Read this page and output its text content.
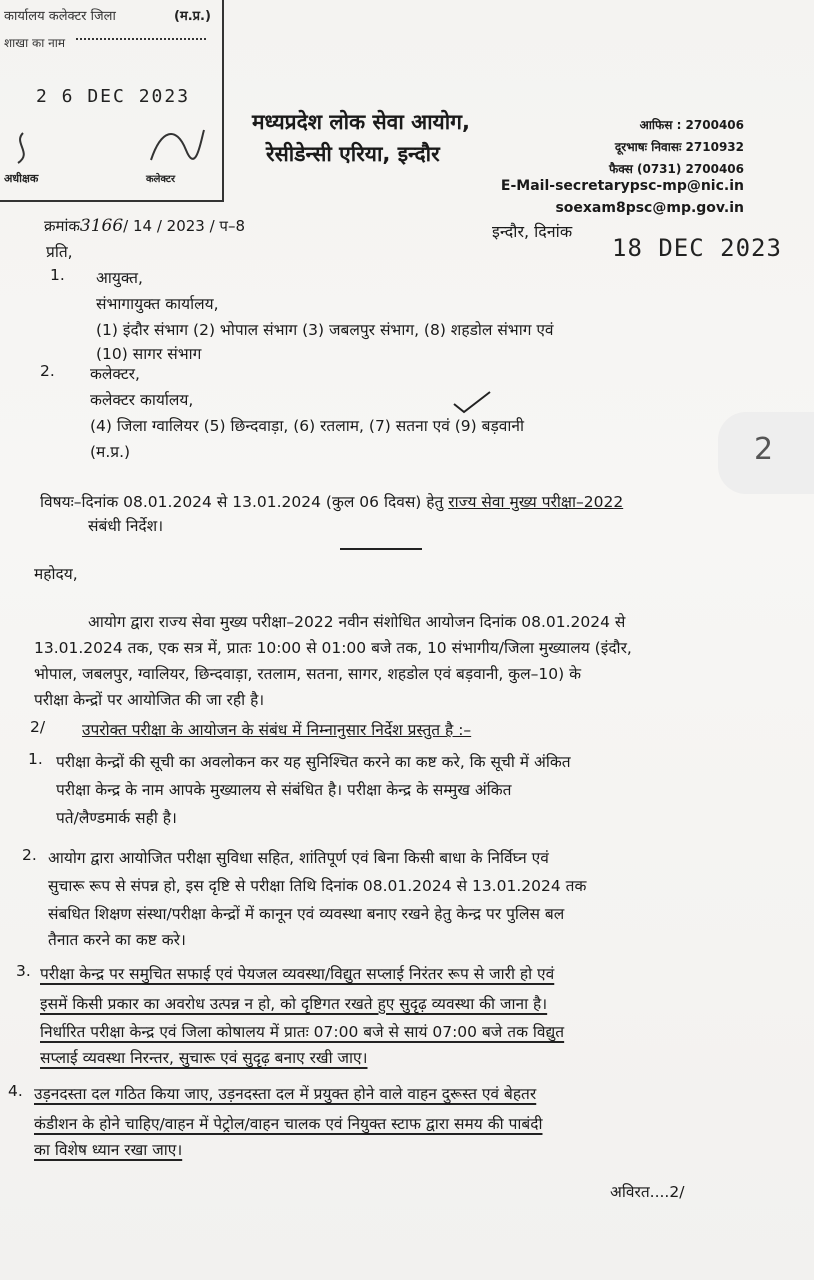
कार्यालय कलेक्टर जिला	(म.प्र.)
शाखा का नाम
2 6 DEC 2023
अधीक्षक	कलेक्टर
मध्यप्रदेश लोक सेवा आयोग,
रेसीडेन्सी एरिया, इन्दौर
आफिस : 2700406
दूरभाषः निवासः 2710932
फैक्स (0731) 2700406
E-Mail-secretarypsc-mp@nic.in
soexam8psc@mp.gov.in
क्रमांक3166/ 14 / 2023 / प–8
प्रति,
इन्दौर, दिनांक
18 DEC 2023
1. आयुक्त,
संभागायुक्त कार्यालय,
(1) इंदौर संभाग (2) भोपाल संभाग (3) जबलपुर संभाग, (8) शहडोल संभाग एवं
(10) सागर संभाग
2. कलेक्टर,
कलेक्टर कार्यालय,
(4) जिला ग्वालियर (5) छिन्दवाड़ा, (6) रतलाम, (7) सतना एवं (9) बड़वानी
(म.प्र.)	2
विषयः–दिनांक 08.01.2024 से 13.01.2024 (कुल 06 दिवस) हेतु राज्य सेवा मुख्य परीक्षा–2022
संबंधी निर्देश।
महोदय,
आयोग द्वारा राज्य सेवा मुख्य परीक्षा–2022 नवीन संशोधित आयोजन दिनांक 08.01.2024 से
13.01.2024 तक, एक सत्र में, प्रातः 10:00 से 01:00 बजे तक, 10 संभागीय/जिला मुख्यालय (इंदौर,
भोपाल, जबलपुर, ग्वालियर, छिन्दवाड़ा, रतलाम, सतना, सागर, शहडोल एवं बड़वानी, कुल–10) के
परीक्षा केन्द्रों पर आयोजित की जा रही है।
2/ उपरोक्त परीक्षा के आयोजन के संबंध में निम्नानुसार निर्देश प्रस्तुत है :–
1. परीक्षा केन्द्रों की सूची का अवलोकन कर यह सुनिश्चित करने का कष्ट करे, कि सूची में अंकित
परीक्षा केन्द्र के नाम आपके मुख्यालय से संबंधित है। परीक्षा केन्द्र के सम्मुख अंकित
पते/लैण्डमार्क सही है।
2. आयोग द्वारा आयोजित परीक्षा सुविधा सहित, शांतिपूर्ण एवं बिना किसी बाधा के निर्विघ्न एवं
सुचारू रूप से संपन्न हो, इस दृष्टि से परीक्षा तिथि दिनांक 08.01.2024 से 13.01.2024 तक
संबधित शिक्षण संस्था/परीक्षा केन्द्रों में कानून एवं व्यवस्था बनाए रखने हेतु केन्द्र पर पुलिस बल
तैनात करने का कष्ट करे।
3. परीक्षा केन्द्र पर समुचित सफाई एवं पेयजल व्यवस्था/विद्युत सप्लाई निरंतर रूप से जारी हो एवं
इसमें किसी प्रकार का अवरोध उत्पन्न न हो, को दृष्टिगत रखते हुए सुदृढ़ व्यवस्था की जाना है।
निर्धारित परीक्षा केन्द्र एवं जिला कोषालय में प्रातः 07:00 बजे से सायं 07:00 बजे तक विद्युत
सप्लाई व्यवस्था निरन्तर, सुचारू एवं सुदृढ़ बनाए रखी जाए।
4. उड़नदस्ता दल गठित किया जाए, उड़नदस्ता दल में प्रयुक्त होने वाले वाहन दुरूस्त एवं बेहतर
कंडीशन के होने चाहिए/वाहन में पेट्रोल/वाहन चालक एवं नियुक्त स्टाफ द्वारा समय की पाबंदी
का विशेष ध्यान रखा जाए।
अविरत....2/
